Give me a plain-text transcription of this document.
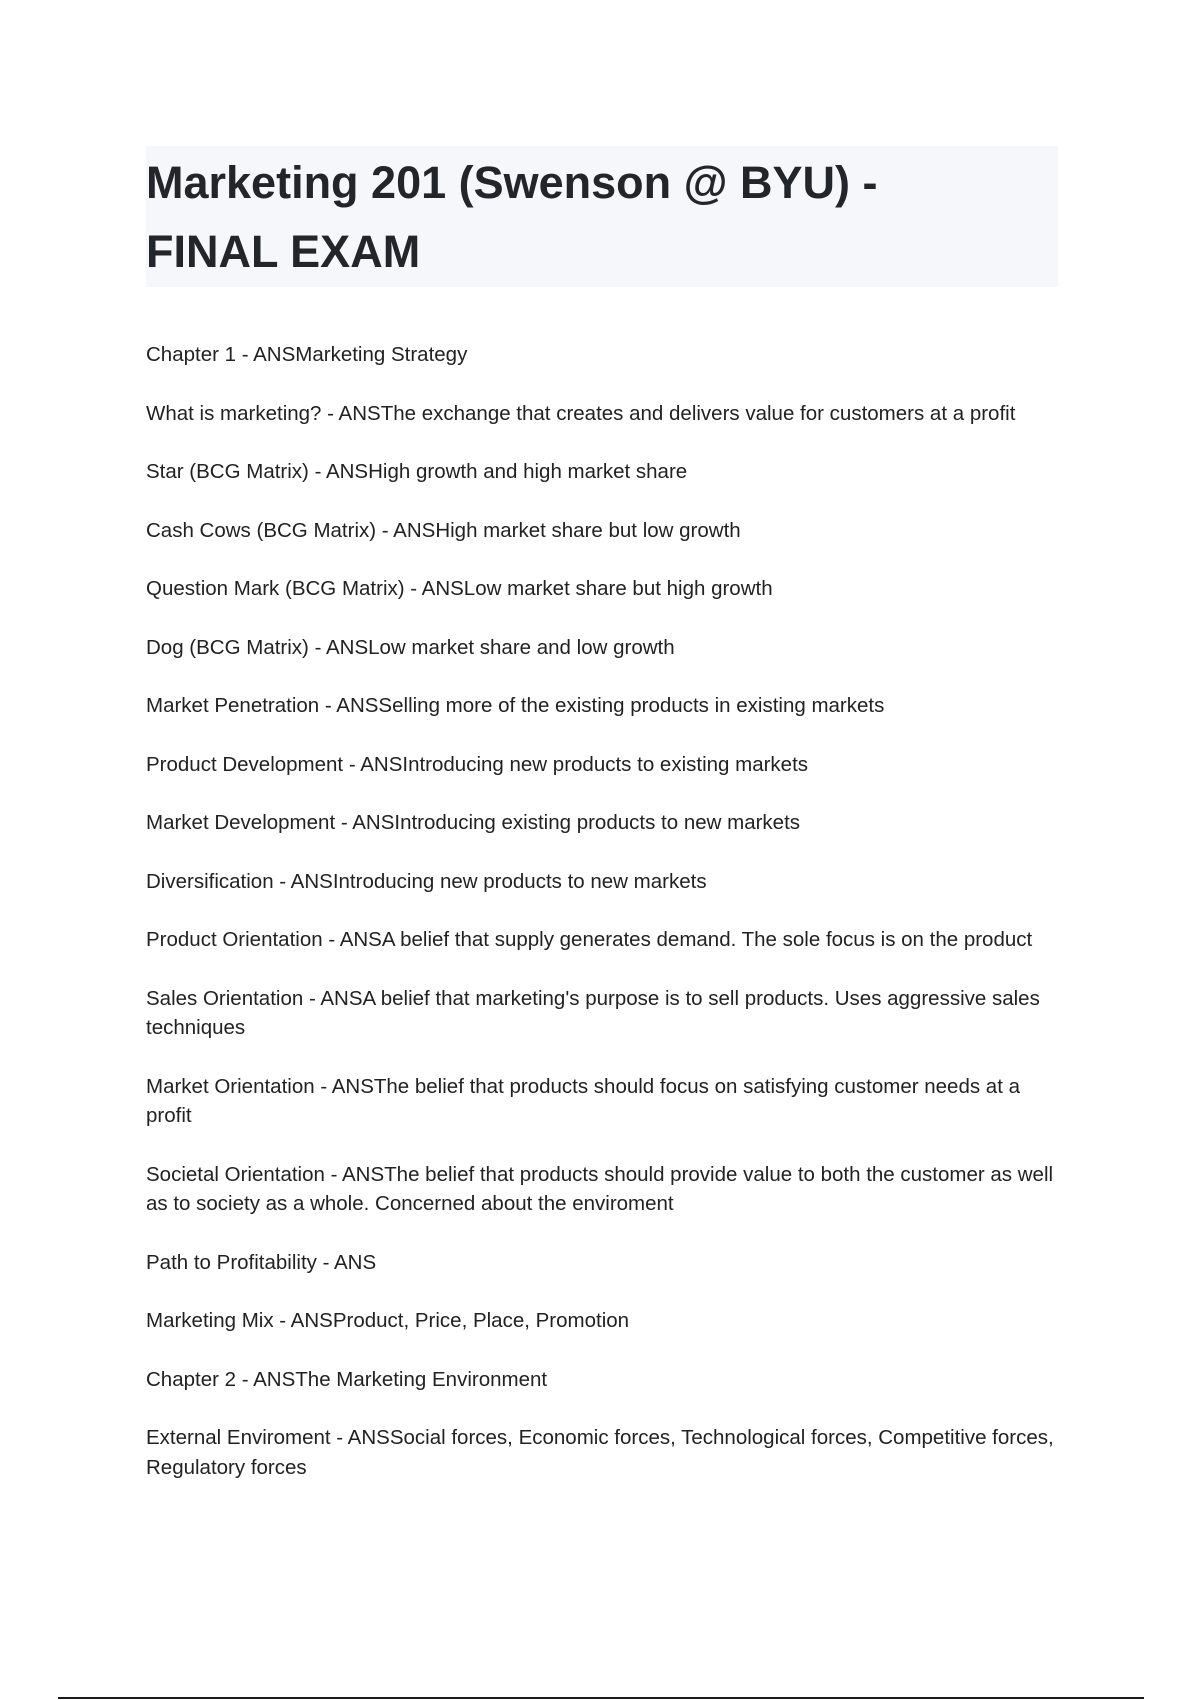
Marketing 201 (Swenson @ BYU) -
FINAL EXAM
Chapter 1 - ANSMarketing Strategy
What is marketing? - ANSThe exchange that creates and delivers value for customers at a profit
Star (BCG Matrix) - ANSHigh growth and high market share
Cash Cows (BCG Matrix) - ANSHigh market share but low growth
Question Mark (BCG Matrix) - ANSLow market share but high growth
Dog (BCG Matrix) - ANSLow market share and low growth
Market Penetration - ANSSelling more of the existing products in existing markets
Product Development - ANSIntroducing new products to existing markets
Market Development - ANSIntroducing existing products to new markets
Diversification - ANSIntroducing new products to new markets
Product Orientation - ANSA belief that supply generates demand. The sole focus is on the product
Sales Orientation - ANSA belief that marketing's purpose is to sell products. Uses aggressive sales techniques
Market Orientation - ANSThe belief that products should focus on satisfying customer needs at a profit
Societal Orientation - ANSThe belief that products should provide value to both the customer as well as to society as a whole. Concerned about the enviroment
Path to Profitability - ANS
Marketing Mix - ANSProduct, Price, Place, Promotion
Chapter 2 - ANSThe Marketing Environment
External Enviroment - ANSSocial forces, Economic forces, Technological forces, Competitive forces, Regulatory forces
